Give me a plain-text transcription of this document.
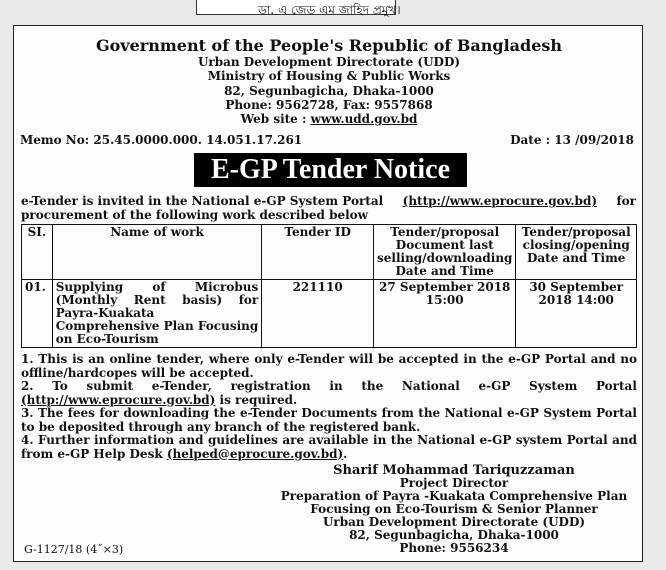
ডা. এ জেড এম জাহিদ প্রমুখ।
Government of the People's Republic of Bangladesh
Urban Development Directorate (UDD)
Ministry of Housing & Public Works
82, Segunbagicha, Dhaka-1000
Phone: 9562728, Fax: 9557868
Web site : www.udd.gov.bd
Memo No: 25.45.0000.000. 14.051.17.261	Date : 13 /09/2018
E-GP Tender Notice
e-Tender is invited in the National e-GP System Portal (http://www.eprocure.gov.bd) for
procurement of the following work described below
SI.	Name of work	Tender ID	Tender/proposal Document last selling/downloading Date and Time	Tender/proposal closing/opening Date and Time
01.	Supplying of Microbus (Monthly Rent basis) for Payra-Kuakata Comprehensive Plan Focusing on Eco-Tourism	221110	27 September 2018 15:00	30 September 2018 14:00

1. This is an online tender, where only e-Tender will be accepted in the e-GP Portal and no offline/hardcopes will be accepted.

2. To submit e-Tender, registration in the National e-GP System Portal
(http://www.eprocure.gov.bd) is required.

3. The fees for downloading the e-Tender Documents from the National e-GP System Portal to be deposited through any branch of the registered bank.

4. Further information and guidelines are available in the National e-GP system Portal and from e-GP Help Desk (helped@eprocure.gov.bd).

Sharif Mohammad Tariquzzaman
Project Director
Preparation of Payra -Kuakata Comprehensive Plan
Focusing on Eco-Tourism & Senior Planner
Urban Development Directorate (UDD)
82, Segunbagicha, Dhaka-1000
Phone: 9556234
G-1127/18 (4˝×3)
